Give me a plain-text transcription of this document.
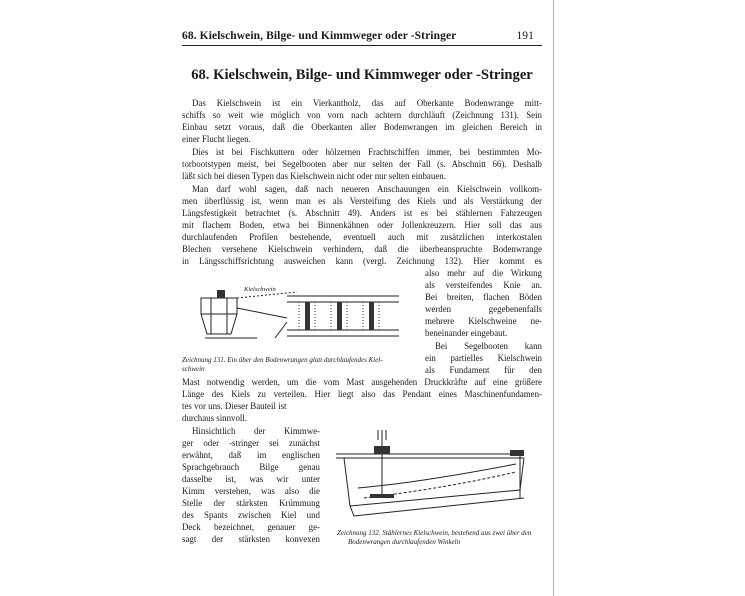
68. Kielschwein, Bilge- und Kimmweger oder -Stringer	191
68. Kielschwein, Bilge- und Kimmweger oder -Stringer
Das Kielschwein ist ein Vierkantholz, das auf Oberkante Bodenwrange mitt-
schiffs so weit wie möglich von vorn nach achtern durchläuft (Zeichnung 131). Sein
Einbau setzt voraus, daß die Oberkanten aller Bodenwrangen im gleichen Bereich in
einer Flucht liegen.
Dies ist bei Fischkuttern oder hölzernen Frachtschiffen immer, bei bestimmten Mo-
torbootstypen meist, bei Segelbooten aber nur selten der Fall (s. Abschnitt 66). Deshalb
läßt sich bei diesen Typen das Kielschwein nicht oder nur selten einbauen.
Man darf wohl sagen, daß nach neueren Anschauungen ein Kielschwein vollkom-
men überflüssig ist, wenn man es als Versteifung des Kiels und als Verstärkung der
Längsfestigkeit betrachtet (s. Abschnitt 49). Anders ist es bei stählernen Fahrzeugen
mit flachem Boden, etwa bei Binnenkähnen oder Jollenkreuzern. Hier soll das aus
durchlaufenden Profilen bestehende, eventuell auch mit zusätzlichen interkostalen
Blechen versehene Kielschwein verhindern, daß die überbeanspruchte Bodenwrange
in Längsschiffsrichtung ausweichen kann (vergl. Zeichnung 132). Hier kommt es
Kielschwein
also mehr auf die Wirkung
als versteifendes Knie an.
Bei breiten, flachen Böden
werden gegebenenfalls
mehrere Kielschweine ne-
beneinander eingebaut.
Bei Segelbooten kann
ein partielles Kielschwein
als Fundament für den
Zeichnung 131. Ein über den Bodenwrangen glatt durchlaufendes Kiel-
schwein
Mast notwendig werden, um die vom Mast ausgehenden Druckkräfte auf eine größere
Länge des Kiels zu verteilen. Hier liegt also das Pendant eines Maschinenfundamen-
tes vor uns. Dieser Bauteil ist
durchaus sinnvoll.
Hinsichtlich der Kimmwe-
ger oder -stringer sei zunächst
erwähnt, daß im englischen
Sprachgebrauch Bilge genau
dasselbe ist, was wir unter
Kimm verstehen, was also die
Stelle der stärksten Krümmung
des Spants zwischen Kiel und
Deck bezeichnet, genauer ge-
sagt der stärksten konvexen
Zeichnung 132. Stählernes Kielschwein, bestehend aus zwei über den
Bodenwrangen durchlaufenden Winkeln
